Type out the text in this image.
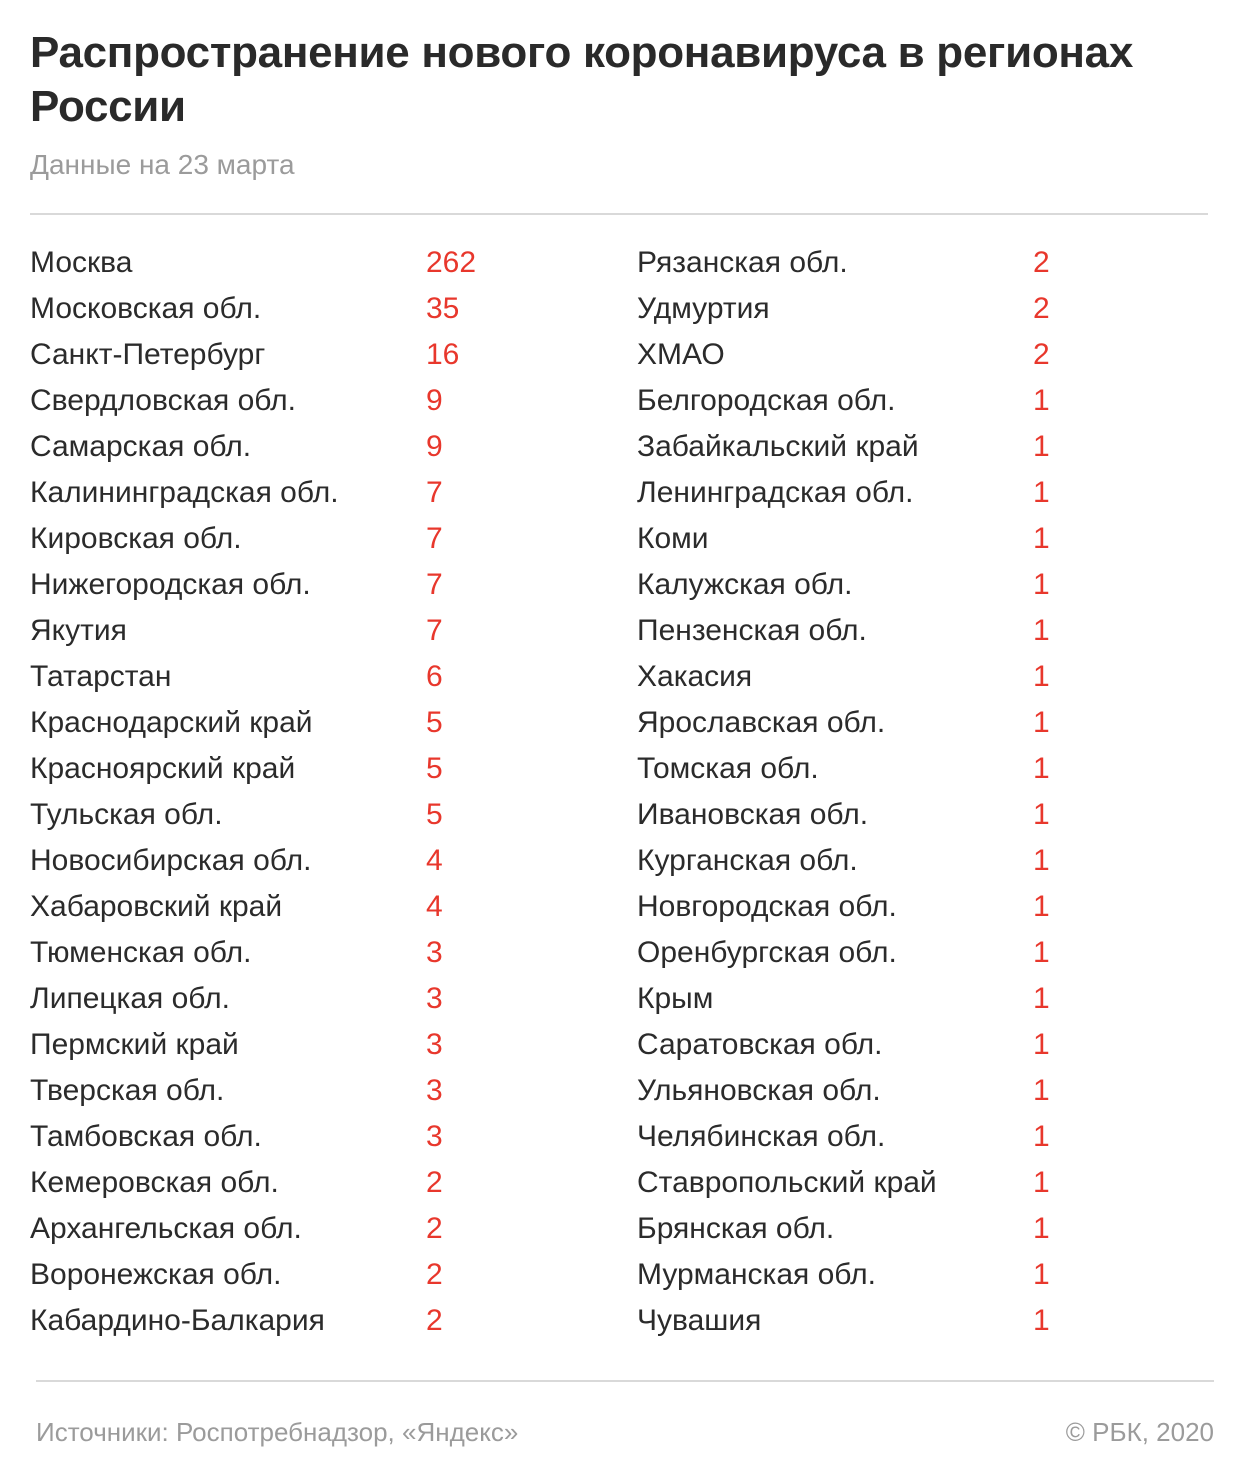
Распространение нового коронавируса в регионах России
Данные на 23 марта
Москва	262
Московская обл.	35
Санкт-Петербург	16
Свердловская обл.	9
Самарская обл.	9
Калининградская обл.	7
Кировская обл.	7
Нижегородская обл.	7
Якутия	7
Татарстан	6
Краснодарский край	5
Красноярский край	5
Тульская обл.	5
Новосибирская обл.	4
Хабаровский край	4
Тюменская обл.	3
Липецкая обл.	3
Пермский край	3
Тверская обл.	3
Тамбовская обл.	3
Кемеровская обл.	2
Архангельская обл.	2
Воронежская обл.	2
Кабардино-Балкария	2
Рязанская обл.	2
Удмуртия	2
ХМАО	2
Белгородская обл.	1
Забайкальский край	1
Ленинградская обл.	1
Коми	1
Калужская обл.	1
Пензенская обл.	1
Хакасия	1
Ярославская обл.	1
Томская обл.	1
Ивановская обл.	1
Курганская обл.	1
Новгородская обл.	1
Оренбургская обл.	1
Крым	1
Саратовская обл.	1
Ульяновская обл.	1
Челябинская обл.	1
Ставропольский край	1
Брянская обл.	1
Мурманская обл.	1
Чувашия	1
Источники: Роспотребнадзор, «Яндекс»	© РБК, 2020
